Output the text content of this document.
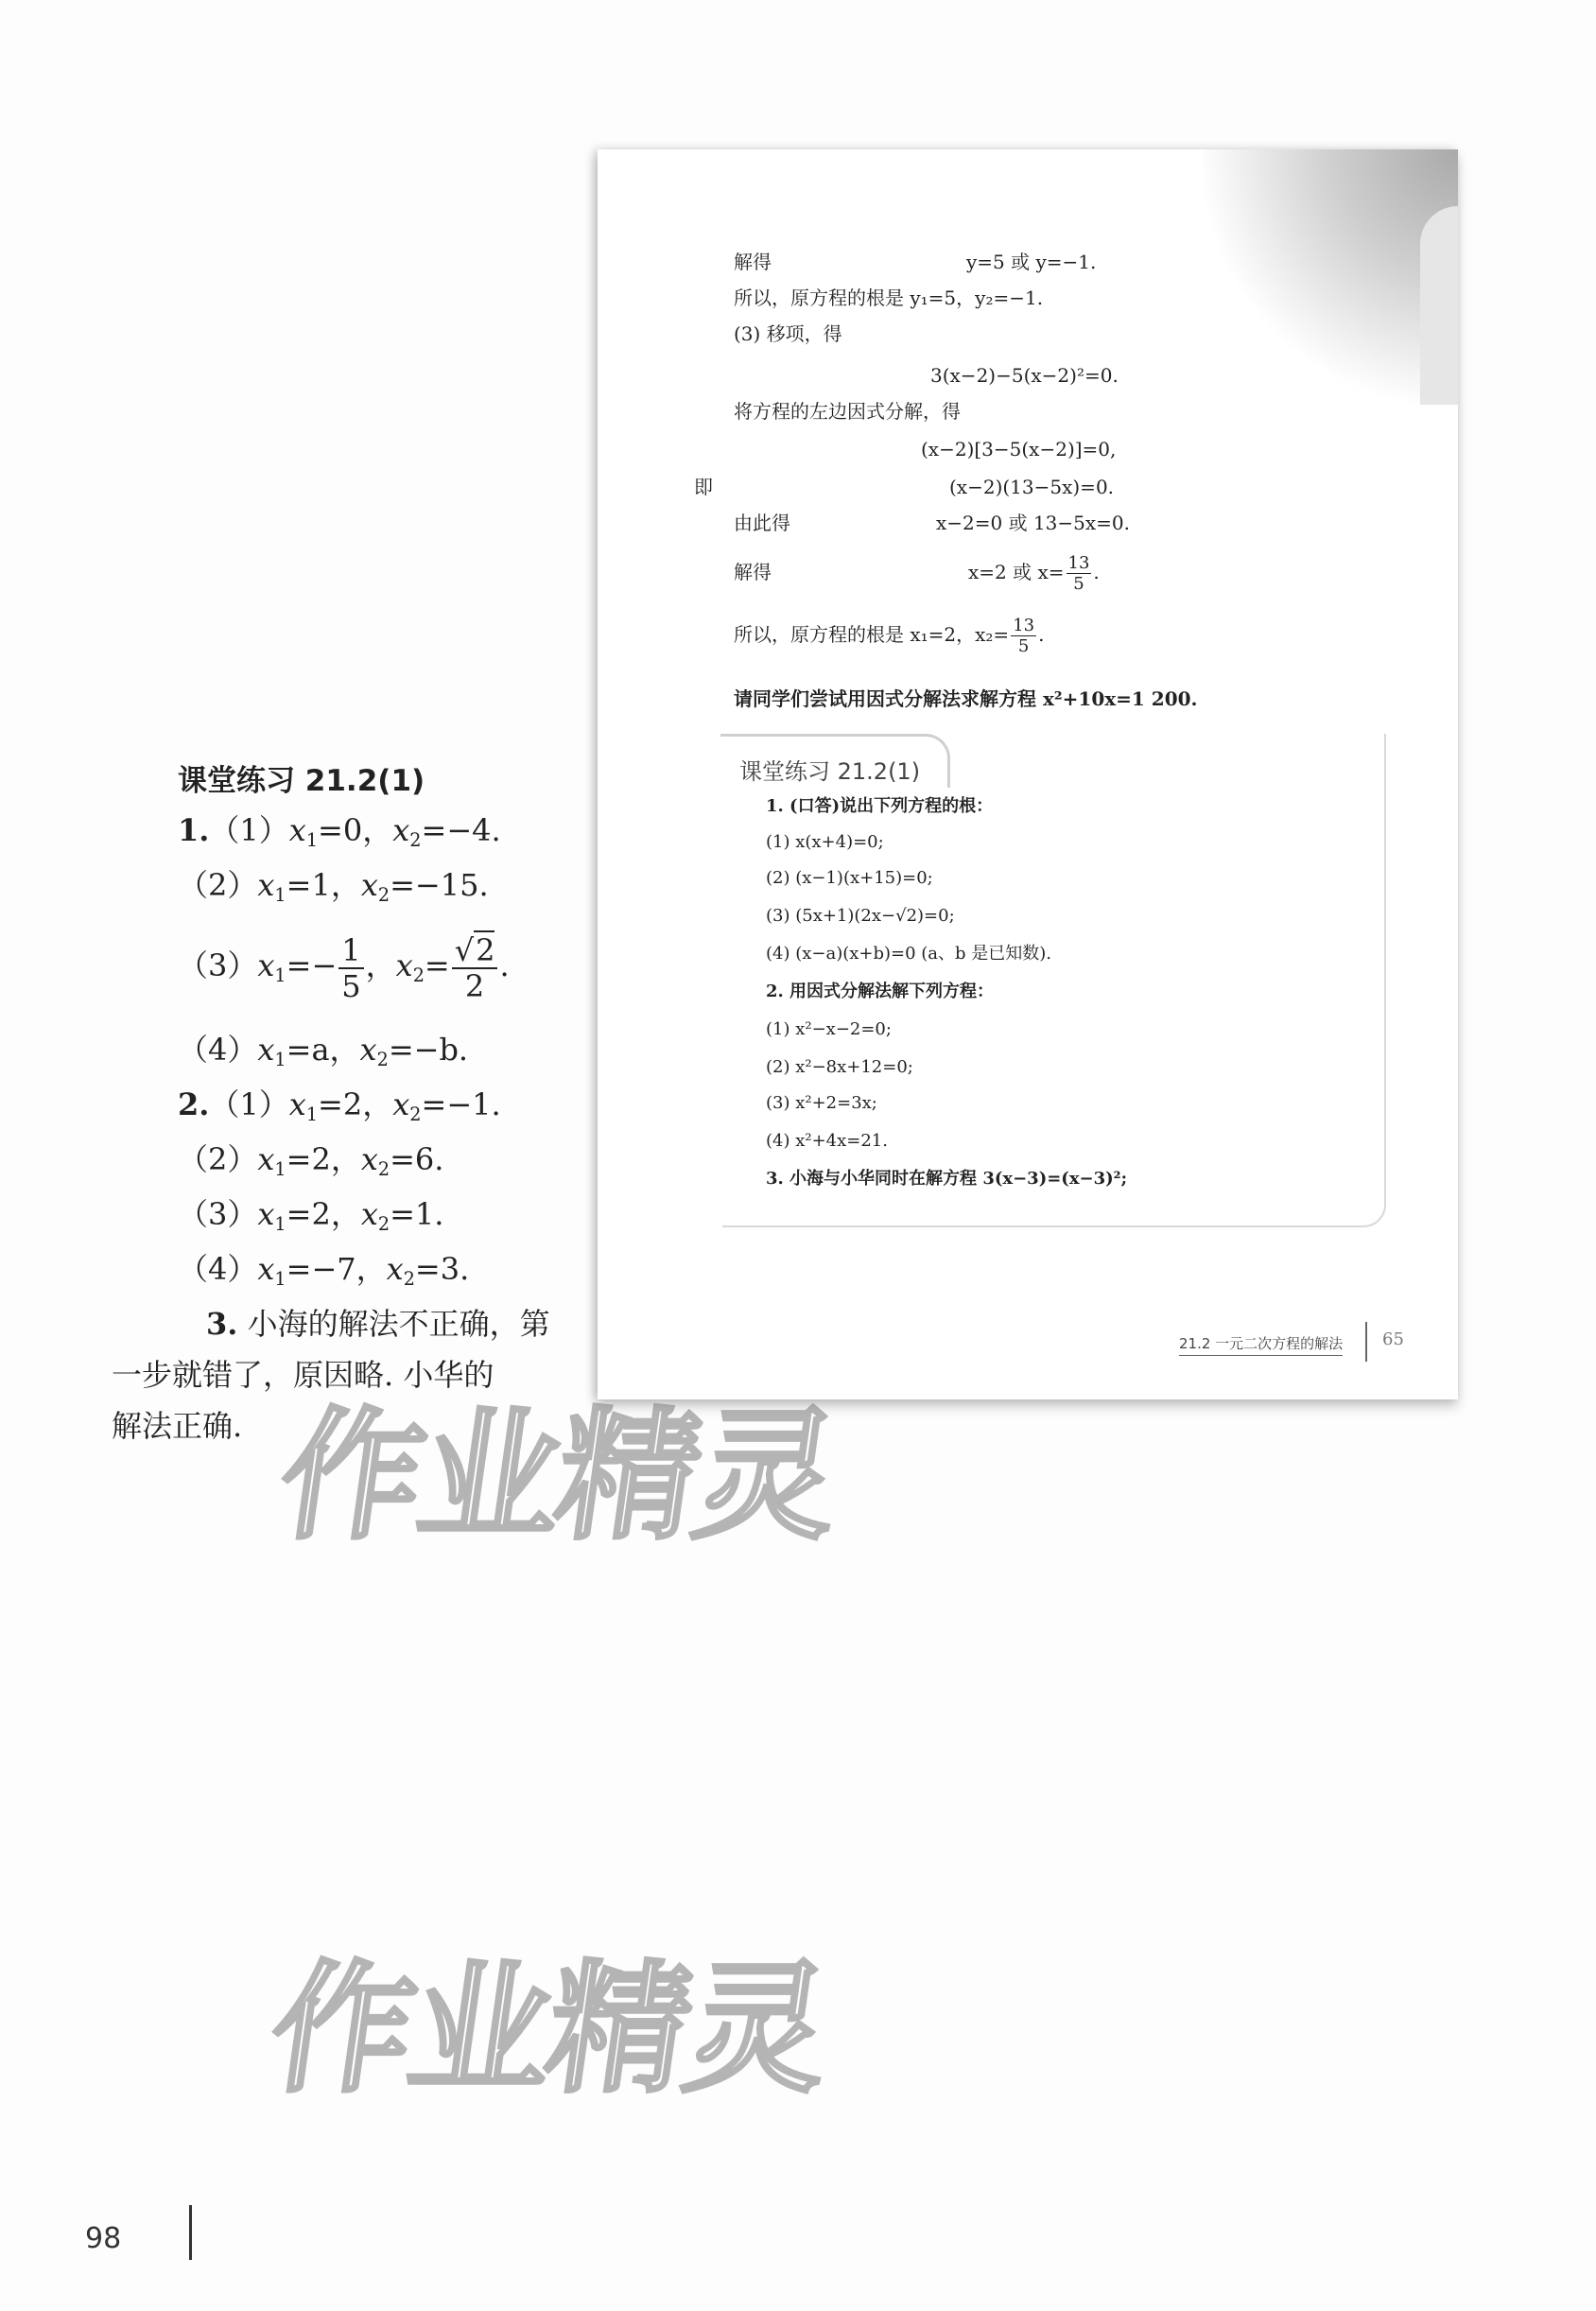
课堂练习 21.2(1)
$1.(1)x_1=0$，$x_2=-4$.
$(2)x_1=1$，$x_2=-15$.
$(3)x_1=- \frac{1}{5}$ ，$x_2= \frac{√2}{2}$ .
$(4)x_1=a$，$x_2=-b$.
$2.(1)x_1=2$，$x_2=-1$.
$(2)x_1=2$，$x_2=6$.
$(3)x_1=2$，$x_2=1$.
$(4)x_1=-7$，$x_2=3$.
3. 小海的解法不正确，第
一步就错了，原因略. 小华的
解法正确.
解得	y=5 或 y=−1.
所以，原方程的根是 y₁=5，y₂=−1.
(3) 移项，得
3(x−2)−5(x−2)²=0.
将方程的左边因式分解，得
(x−2)[3−5(x−2)]=0,
即	(x−2)(13−5x)=0.
由此得	x−2=0 或 13−5x=0.
解得	x=2 或 $x= \frac{13}{5}$ .
所以，原方程的根是 x₁=2，$x_2= \frac{13}{5}$ .
请同学们尝试用因式分解法求解方程 x²+10x=1 200.
课堂练习 21.2(1)
1. (口答)说出下列方程的根：
(1) x(x+4)=0;
(2) (x−1)(x+15)=0;
(3) (5x+1)(2x−√2)=0;
(4) (x−a)(x+b)=0 (a、b 是已知数).
2. 用因式分解法解下列方程：
(1) x²−x−2=0;
(2) x²−8x+12=0;
(3) x²+2=3x;
(4) x²+4x=21.
3. 小海与小华同时在解方程 3(x−3)=(x−3)²;
21.2 一元二次方程的解法 65
作业精灵
作业精灵
98
